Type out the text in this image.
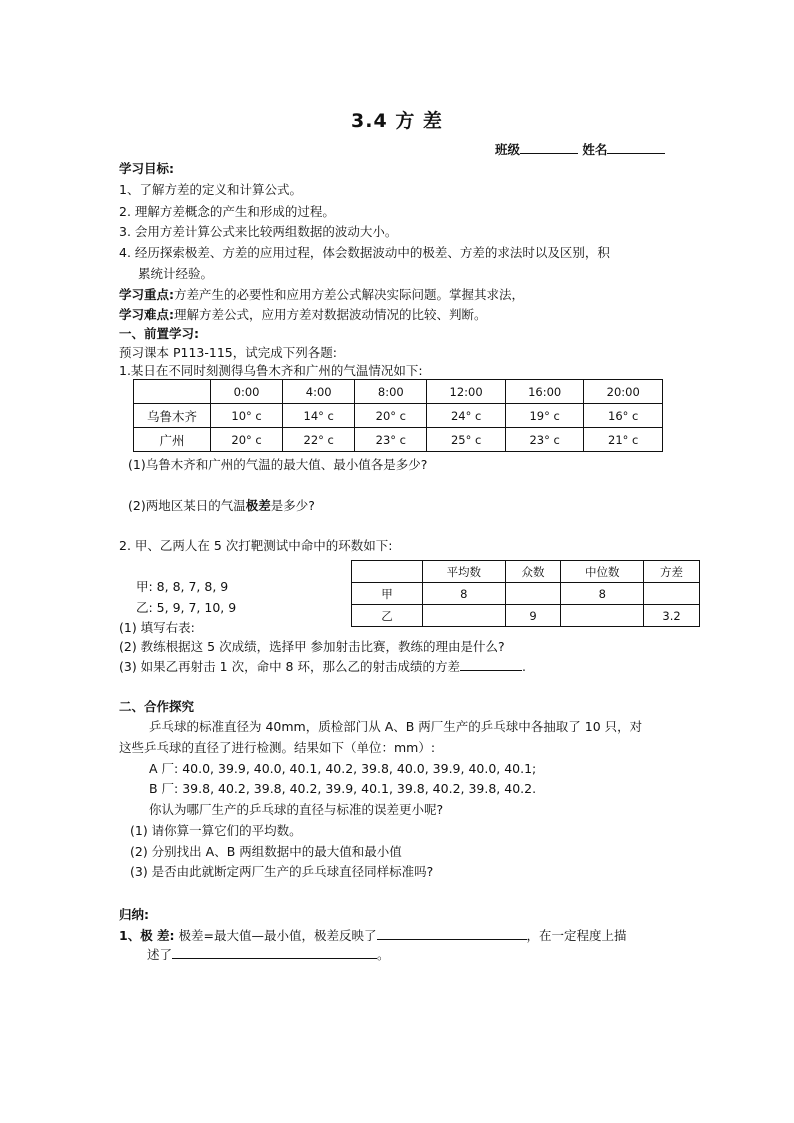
3.4 方 差
班级	姓名
学习目标:
1、了解方差的定义和计算公式。
2. 理解方差概念的产生和形成的过程。
3. 会用方差计算公式来比较两组数据的波动大小。
4. 经历探索极差、方差的应用过程，体会数据波动中的极差、方差的求法时以及区别，积
累统计经验。
学习重点:方差产生的必要性和应用方差公式解决实际问题。掌握其求法，
学习难点:理解方差公式，应用方差对数据波动情况的比较、判断。
一、前置学习:
预习课本 P113-115，试完成下列各题:
1.某日在不同时刻测得乌鲁木齐和广州的气温情况如下:
	0:00	4:00	8:00	12:00	16:00	20:00
乌鲁木齐	10° c	14° c	20° c	24° c	19° c	16° c
广州	20° c	22° c	23° c	25° c	23° c	21° c
(1)乌鲁木齐和广州的气温的最大值、最小值各是多少?
(2)两地区某日的气温极差是多少?
2. 甲、乙两人在 5 次打靶测试中命中的环数如下:
甲: 8, 8, 7, 8, 9
乙: 5, 9, 7, 10, 9
	平均数	众数	中位数	方差
甲	8		8	
乙		9		3.2
(1) 填写右表:
(2) 教练根据这 5 次成绩，选择甲 参加射击比赛，教练的理由是什么?
(3) 如果乙再射击 1 次，命中 8 环，那么乙的射击成绩的方差	.
二、合作探究
乒乓球的标准直径为 40mm，质检部门从 A、B 两厂生产的乒乓球中各抽取了 10 只，对
这些乒乓球的直径了进行检测。结果如下（单位：mm）:
A 厂: 40.0, 39.9, 40.0, 40.1, 40.2, 39.8, 40.0, 39.9, 40.0, 40.1;
B 厂: 39.8, 40.2, 39.8, 40.2, 39.9, 40.1, 39.8, 40.2, 39.8, 40.2.
你认为哪厂生产的乒乓球的直径与标准的误差更小呢?
(1) 请你算一算它们的平均数。
(2) 分别找出 A、B 两组数据中的最大值和最小值
(3) 是否由此就断定两厂生产的乒乓球直径同样标准吗?
归纳:
1、极 差: 极差=最大值—最小值，极差反映了	，在一定程度上描
述了	。
